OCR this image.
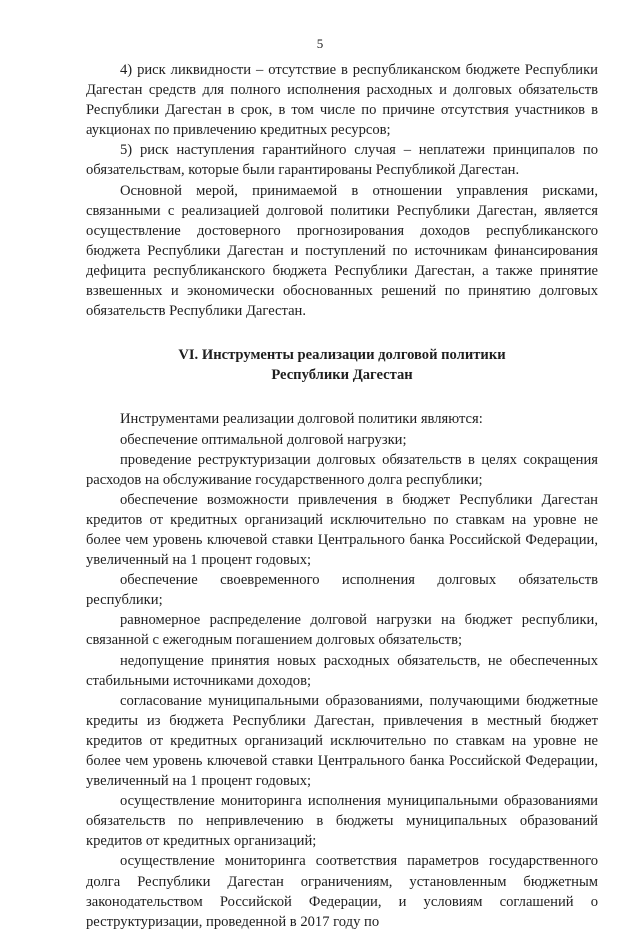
5

4) риск ликвидности – отсутствие в республиканском бюджете Республики Дагестан средств для полного исполнения расходных и долговых обязательств Республики Дагестан в срок, в том числе по причине отсутствия участников в аукционах по привлечению кредитных ресурсов;

5) риск наступления гарантийного случая – неплатежи принципалов по обязательствам, которые были гарантированы Республикой Дагестан.

Основной мерой, принимаемой в отношении управления рисками, связанными с реализацией долговой политики Республики Дагестан, является осуществление достоверного прогнозирования доходов республиканского бюджета Республики Дагестан и поступлений по источникам финансирования дефицита республиканского бюджета Республики Дагестан, а также принятие взвешенных и экономически обоснованных решений по принятию долговых обязательств Республики Дагестан.

VI. Инструменты реализации долговой политики
Республики Дагестан

Инструментами реализации долговой политики являются:

обеспечение оптимальной долговой нагрузки;

проведение реструктуризации долговых обязательств в целях сокращения расходов на обслуживание государственного долга республики;

обеспечение возможности привлечения в бюджет Республики Дагестан кредитов от кредитных организаций исключительно по ставкам на уровне не более чем уровень ключевой ставки Центрального банка Российской Федерации, увеличенный на 1 процент годовых;

обеспечение своевременного исполнения долговых обязательств республики;

равномерное распределение долговой нагрузки на бюджет республики, связанной с ежегодным погашением долговых обязательств;

недопущение принятия новых расходных обязательств, не обеспеченных стабильными источниками доходов;

согласование муниципальными образованиями, получающими бюджетные кредиты из бюджета Республики Дагестан, привлечения в местный бюджет кредитов от кредитных организаций исключительно по ставкам на уровне не более чем уровень ключевой ставки Центрального банка Российской Федерации, увеличенный на 1 процент годовых;

осуществление мониторинга исполнения муниципальными образованиями обязательств по непривлечению в бюджеты муниципальных образований кредитов от кредитных организаций;

осуществление мониторинга соответствия параметров государственного долга Республики Дагестан ограничениям, установленным бюджетным законодательством Российской Федерации, и условиям соглашений о реструктуризации, проведенной в 2017 году по
